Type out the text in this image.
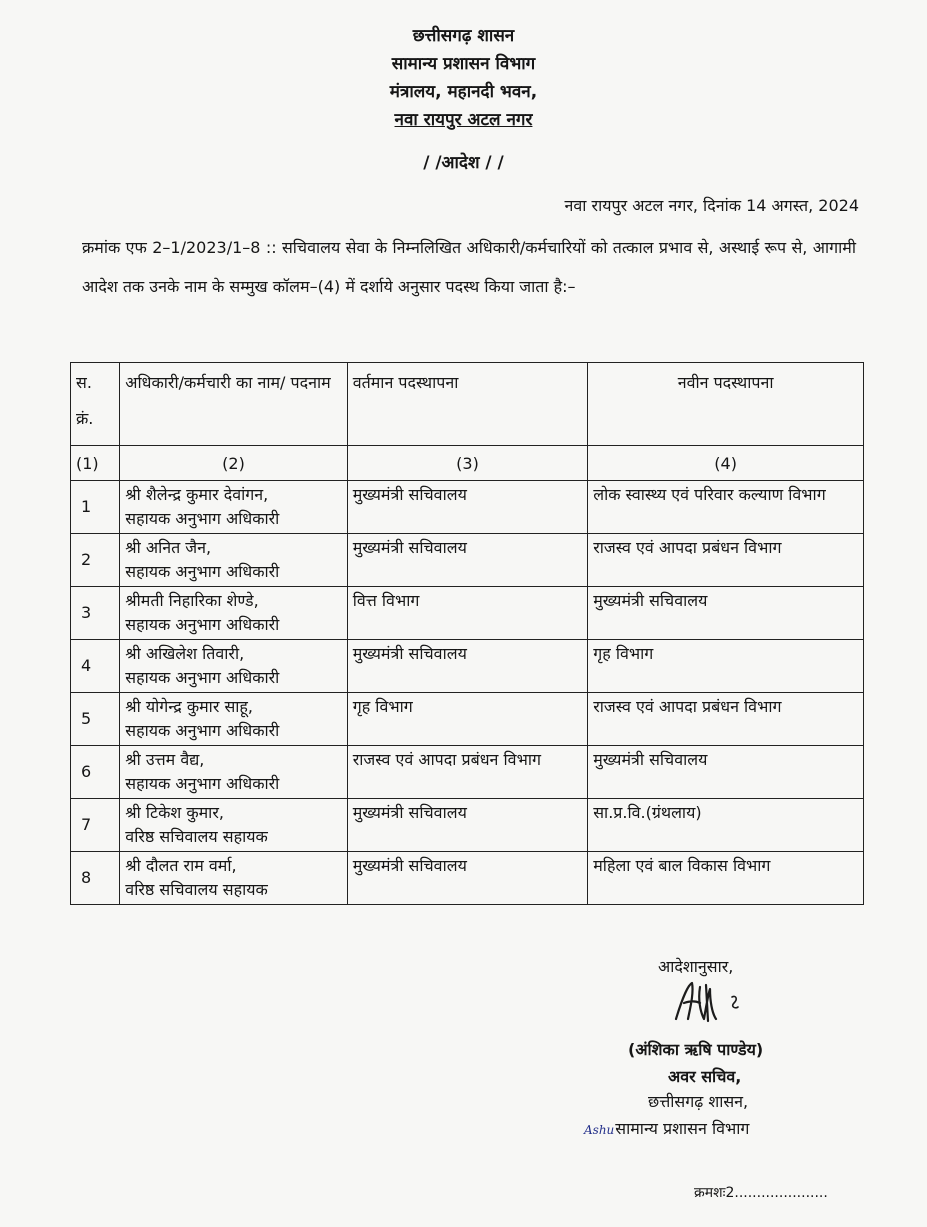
छत्तीसगढ़ शासन
सामान्य प्रशासन विभाग
मंत्रालय, महानदी भवन,
नवा रायपुर अटल नगर
/ /आदेश / /
नवा रायपुर अटल नगर, दिनांक 14 अगस्त, 2024
क्रमांक एफ 2–1/2023/1–8 :: सचिवालय सेवा के निम्नलिखित अधिकारी/कर्मचारियों को तत्काल प्रभाव से, अस्थाई रूप से, आगामी आदेश तक उनके नाम के सम्मुख कॉलम–(4) में दर्शाये अनुसार पदस्थ किया जाता है:–
स. क्रं.	अधिकारी/कर्मचारी का नाम/ पदनाम	वर्तमान पदस्थापना	नवीन पदस्थापना
(1)	(2)	(3)	(4)
1	श्री शैलेन्द्र कुमार देवांगन,
सहायक अनुभाग अधिकारी	मुख्यमंत्री सचिवालय	लोक स्वास्थ्य एवं परिवार कल्याण विभाग
2	श्री अनित जैन,
सहायक अनुभाग अधिकारी	मुख्यमंत्री सचिवालय	राजस्व एवं आपदा प्रबंधन विभाग
3	श्रीमती निहारिका शेण्डे,
सहायक अनुभाग अधिकारी	वित्त विभाग	मुख्यमंत्री सचिवालय
4	श्री अखिलेश तिवारी,
सहायक अनुभाग अधिकारी	मुख्यमंत्री सचिवालय	गृह विभाग
5	श्री योगेन्द्र कुमार साहू,
सहायक अनुभाग अधिकारी	गृह विभाग	राजस्व एवं आपदा प्रबंधन विभाग
6	श्री उत्तम वैद्य,
सहायक अनुभाग अधिकारी	राजस्व एवं आपदा प्रबंधन विभाग	मुख्यमंत्री सचिवालय
7	श्री टिकेश कुमार,
वरिष्ठ सचिवालय सहायक	मुख्यमंत्री सचिवालय	सा.प्र.वि.(ग्रंथलाय)
8	श्री दौलत राम वर्मा,
वरिष्ठ सचिवालय सहायक	मुख्यमंत्री सचिवालय	महिला एवं बाल विकास विभाग
आदेशानुसार,
(अंशिका ऋषि पाण्डेय)
अवर सचिव,
छत्तीसगढ़ शासन,
Ashuसामान्य प्रशासन विभाग
क्रमशः2.....................
